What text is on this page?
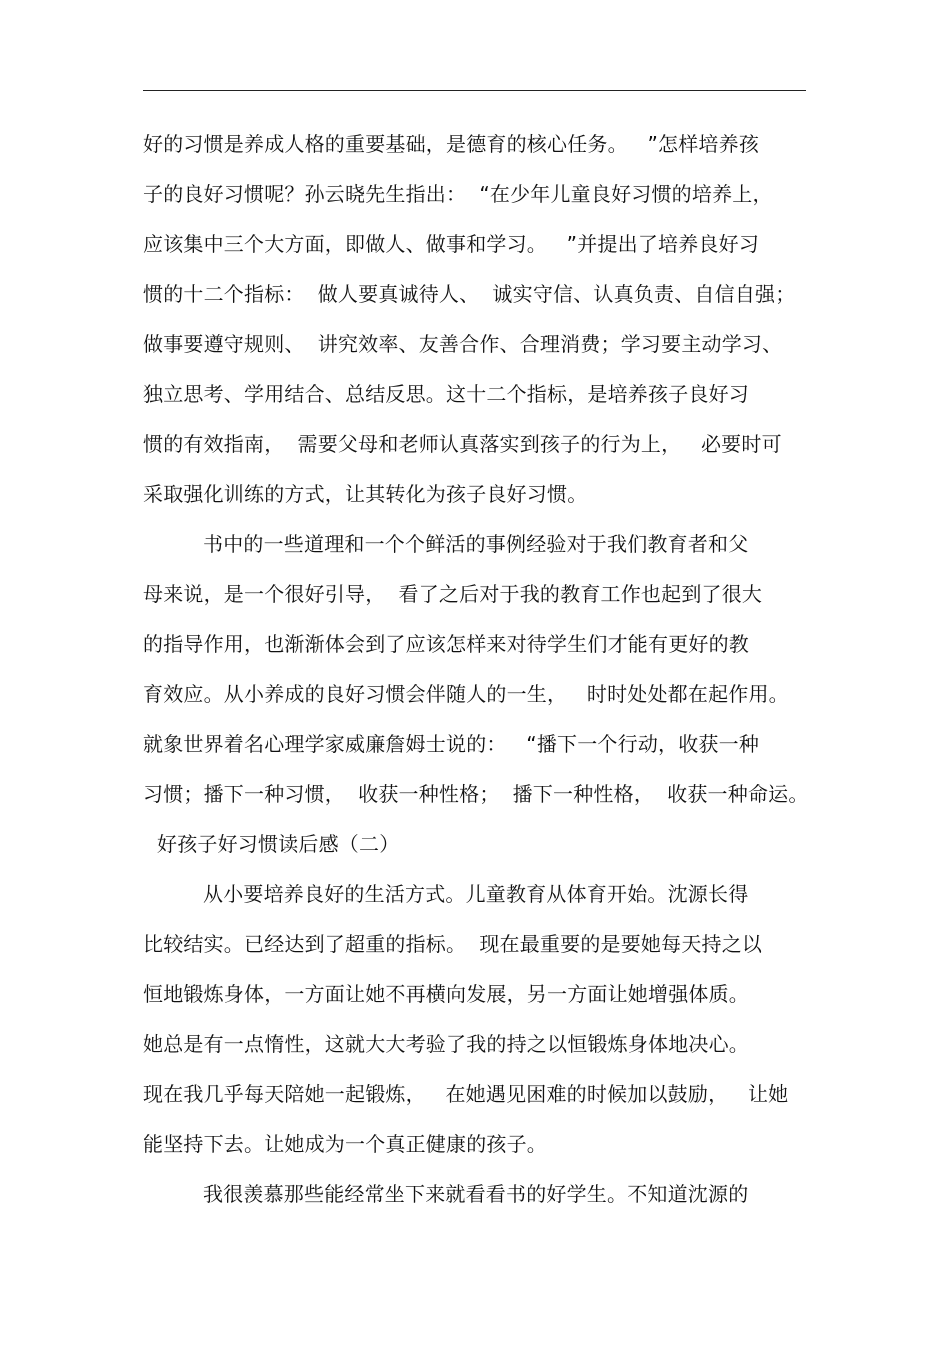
好的习惯是养成人格的重要基础，是德育的核心任务。   ”怎样培养孩
子的良好习惯呢？孙云晓先生指出：  “在少年儿童良好习惯的培养上，
应该集中三个大方面，即做人、做事和学习。   ”并提出了培养良好习
惯的十二个指标：  做人要真诚待人、  诚实守信、认真负责、自信自强；
做事要遵守规则、  讲究效率、友善合作、合理消费；学习要主动学习、
独立思考、学用结合、总结反思。这十二个指标，是培养孩子良好习
惯的有效指南，  需要父母和老师认真落实到孩子的行为上，   必要时可
采取强化训练的方式，让其转化为孩子良好习惯。
书中的一些道理和一个个鲜活的事例经验对于我们教育者和父
母来说，是一个很好引导，  看了之后对于我的教育工作也起到了很大
的指导作用，也渐渐体会到了应该怎样来对待学生们才能有更好的教
育效应。从小养成的良好习惯会伴随人的一生，   时时处处都在起作用。
就象世界着名心理学家威廉詹姆士说的：   “播下一个行动，收获一种
习惯；播下一种习惯，  收获一种性格；  播下一种性格，  收获一种命运。
好孩子好习惯读后感（二）
从小要培养良好的生活方式。儿童教育从体育开始。沈源长得
比较结实。已经达到了超重的指标。  现在最重要的是要她每天持之以
恒地锻炼身体，一方面让她不再横向发展，另一方面让她增强体质。
她总是有一点惰性，这就大大考验了我的持之以恒锻炼身体地决心。
现在我几乎每天陪她一起锻炼，   在她遇见困难的时候加以鼓励，   让她
能坚持下去。让她成为一个真正健康的孩子。
我很羡慕那些能经常坐下来就看看书的好学生。不知道沈源的
